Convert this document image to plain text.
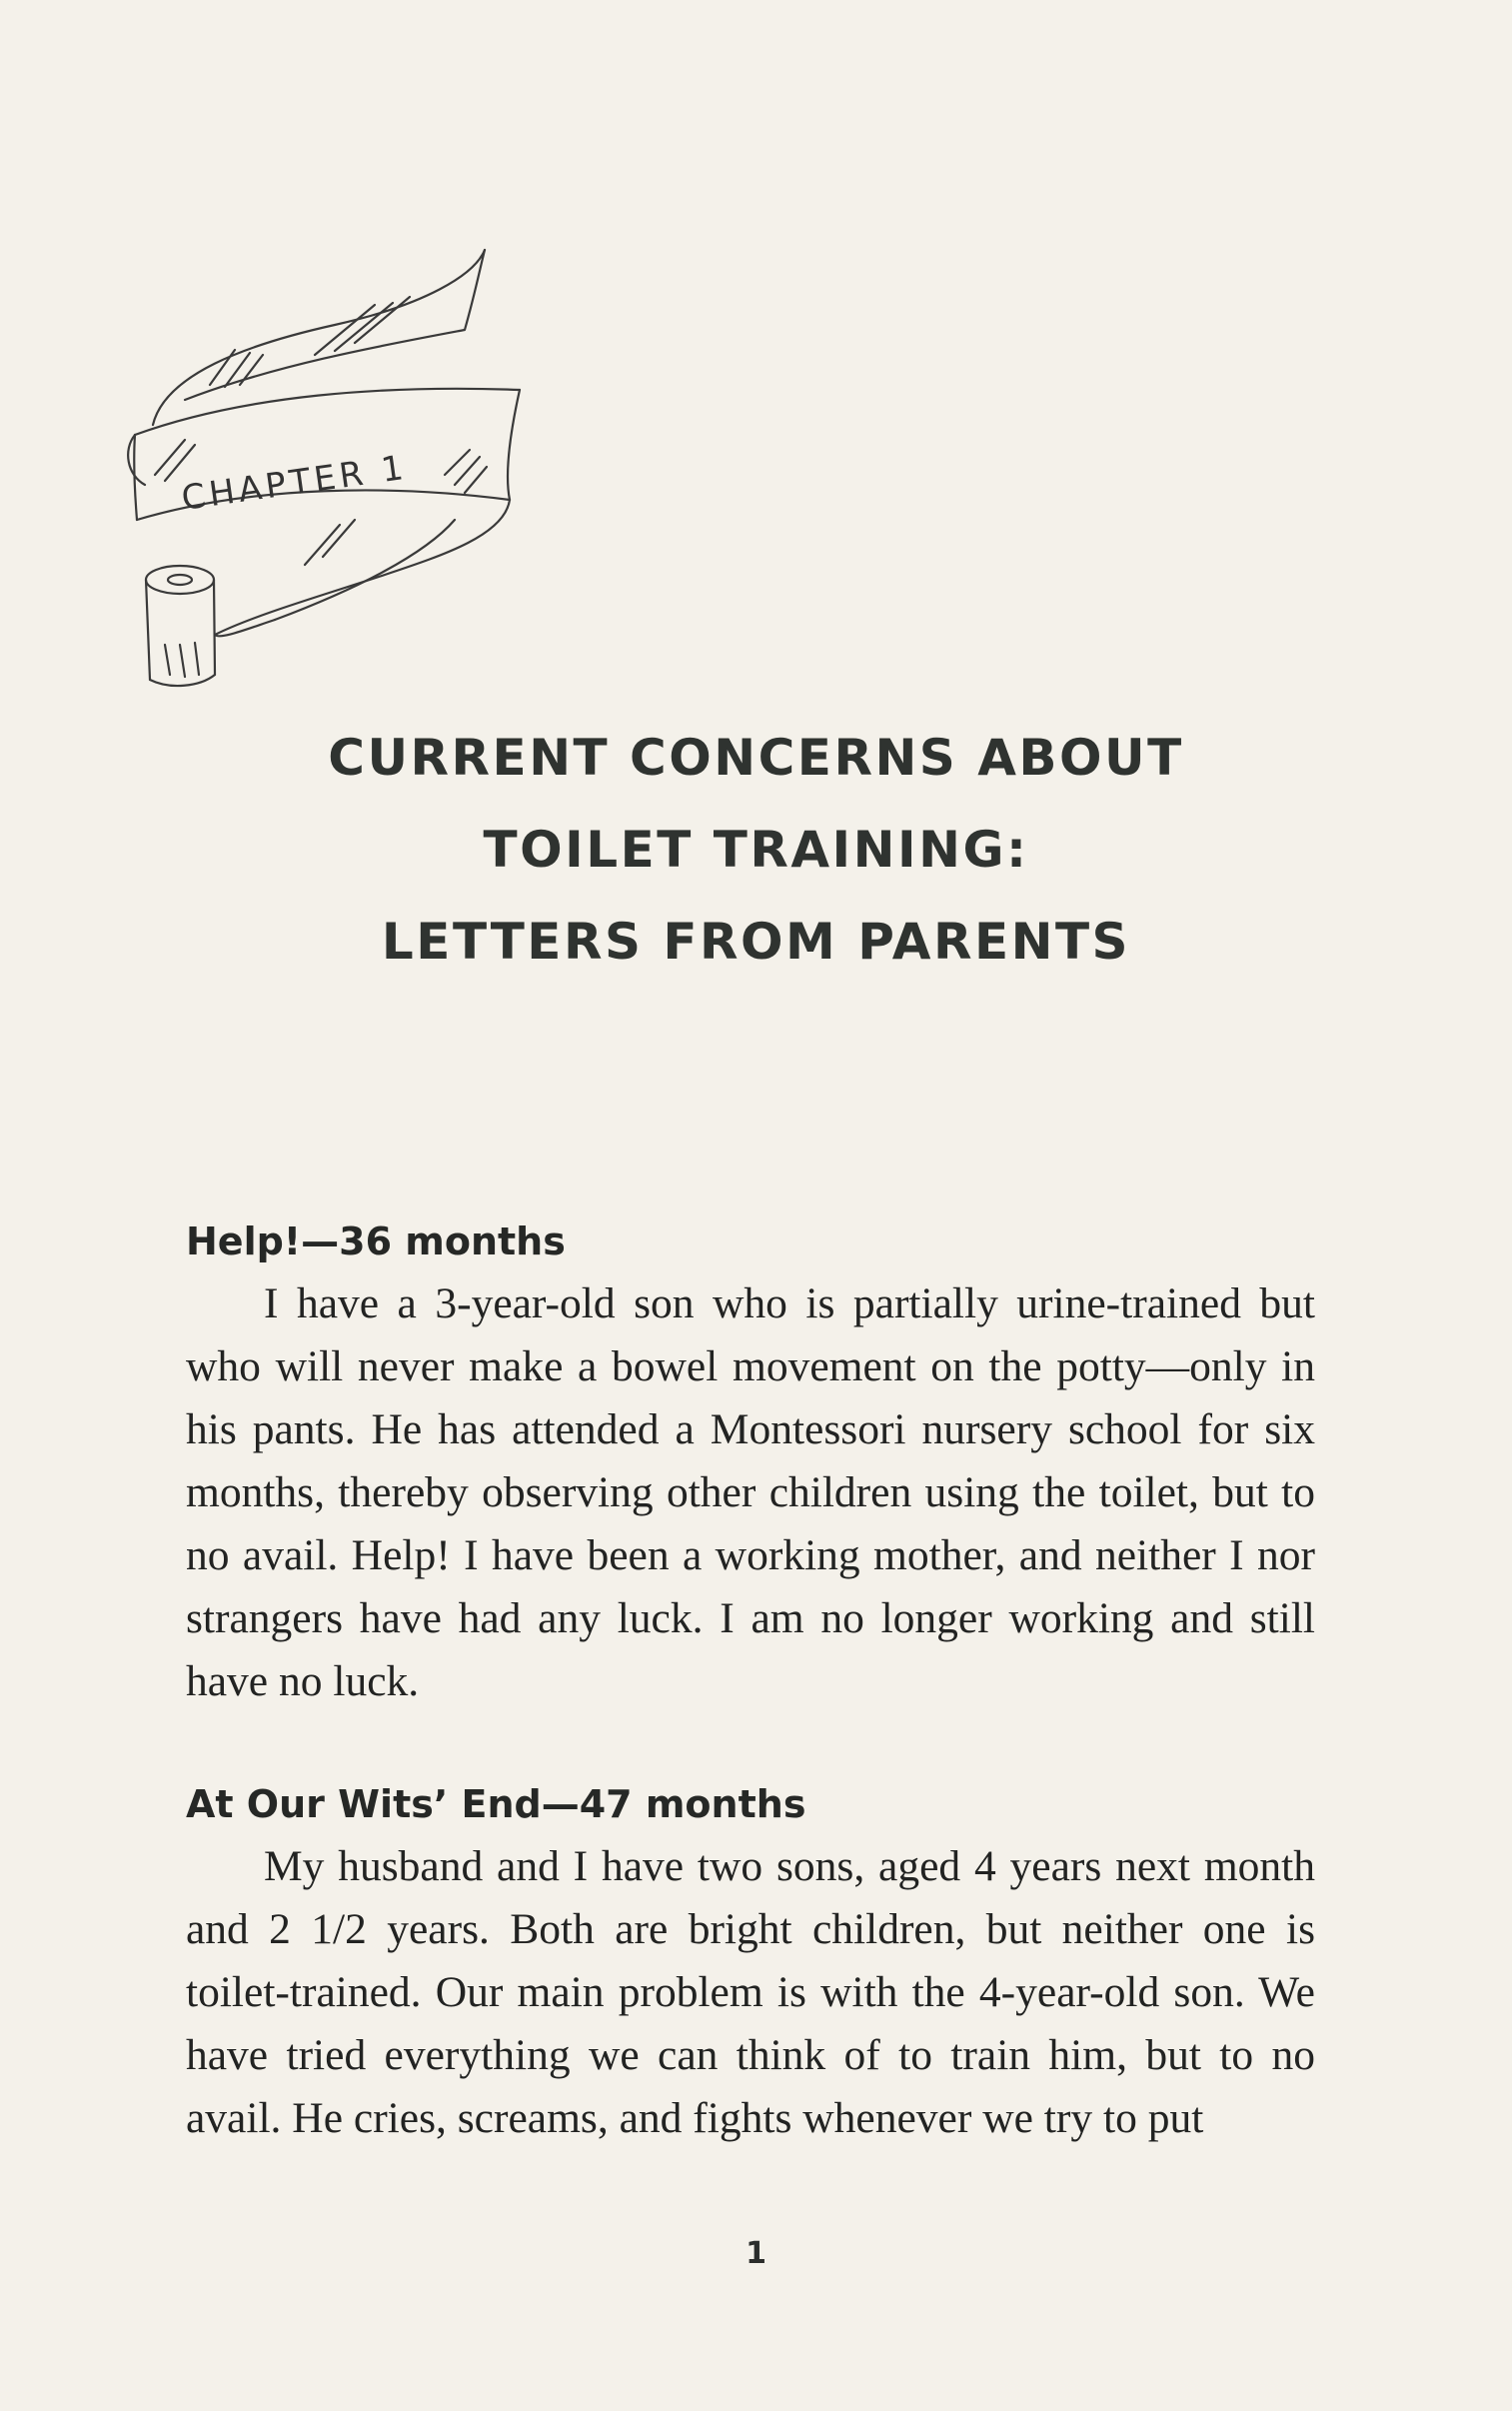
CHAPTER 1
CURRENT CONCERNS ABOUT
TOILET TRAINING:
LETTERS FROM PARENTS
Help!—36 months

I have a 3-year-old son who is partially urine-trained but who will never make a bowel movement on the potty—only in his pants. He has attended a Montessori nursery school for six months, thereby observing other children using the toilet, but to no avail. Help! I have been a working mother, and neither I nor strangers have had any luck. I am no longer working and still have no luck.

At Our Wits’ End—47 months

My husband and I have two sons, aged 4 years next month and 2 1/2 years. Both are bright children, but neither one is toilet-trained. Our main problem is with the 4-year-old son. We have tried everything we can think of to train him, but to no avail. He cries, screams, and fights whenever we try to put

1
